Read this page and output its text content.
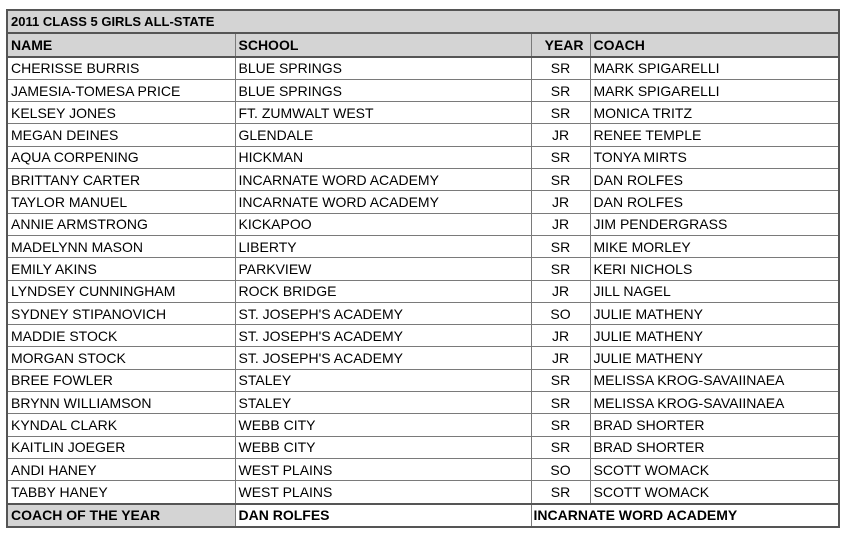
2011 CLASS 5 GIRLS ALL-STATE			
NAME	SCHOOL	YEAR	COACH
CHERISSE BURRIS	BLUE SPRINGS	SR	MARK SPIGARELLI
JAMESIA-TOMESA PRICE	BLUE SPRINGS	SR	MARK SPIGARELLI
KELSEY JONES	FT. ZUMWALT WEST	SR	MONICA TRITZ
MEGAN DEINES	GLENDALE	JR	RENEE TEMPLE
AQUA CORPENING	HICKMAN	SR	TONYA MIRTS
BRITTANY CARTER	INCARNATE WORD ACADEMY	SR	DAN ROLFES
TAYLOR MANUEL	INCARNATE WORD ACADEMY	JR	DAN ROLFES
ANNIE ARMSTRONG	KICKAPOO	JR	JIM PENDERGRASS
MADELYNN MASON	LIBERTY	SR	MIKE MORLEY
EMILY AKINS	PARKVIEW	SR	KERI NICHOLS
LYNDSEY CUNNINGHAM	ROCK BRIDGE	JR	JILL NAGEL
SYDNEY STIPANOVICH	ST. JOSEPH'S ACADEMY	SO	JULIE MATHENY
MADDIE STOCK	ST. JOSEPH'S ACADEMY	JR	JULIE MATHENY
MORGAN STOCK	ST. JOSEPH'S ACADEMY	JR	JULIE MATHENY
BREE FOWLER	STALEY	SR	MELISSA KROG-SAVAIINAEA
BRYNN WILLIAMSON	STALEY	SR	MELISSA KROG-SAVAIINAEA
KYNDAL CLARK	WEBB CITY	SR	BRAD SHORTER
KAITLIN JOEGER	WEBB CITY	SR	BRAD SHORTER
ANDI HANEY	WEST PLAINS	SO	SCOTT WOMACK
TABBY HANEY	WEST PLAINS	SR	SCOTT WOMACK
COACH OF THE YEAR	DAN ROLFES	INCARNATE WORD ACADEMY	
